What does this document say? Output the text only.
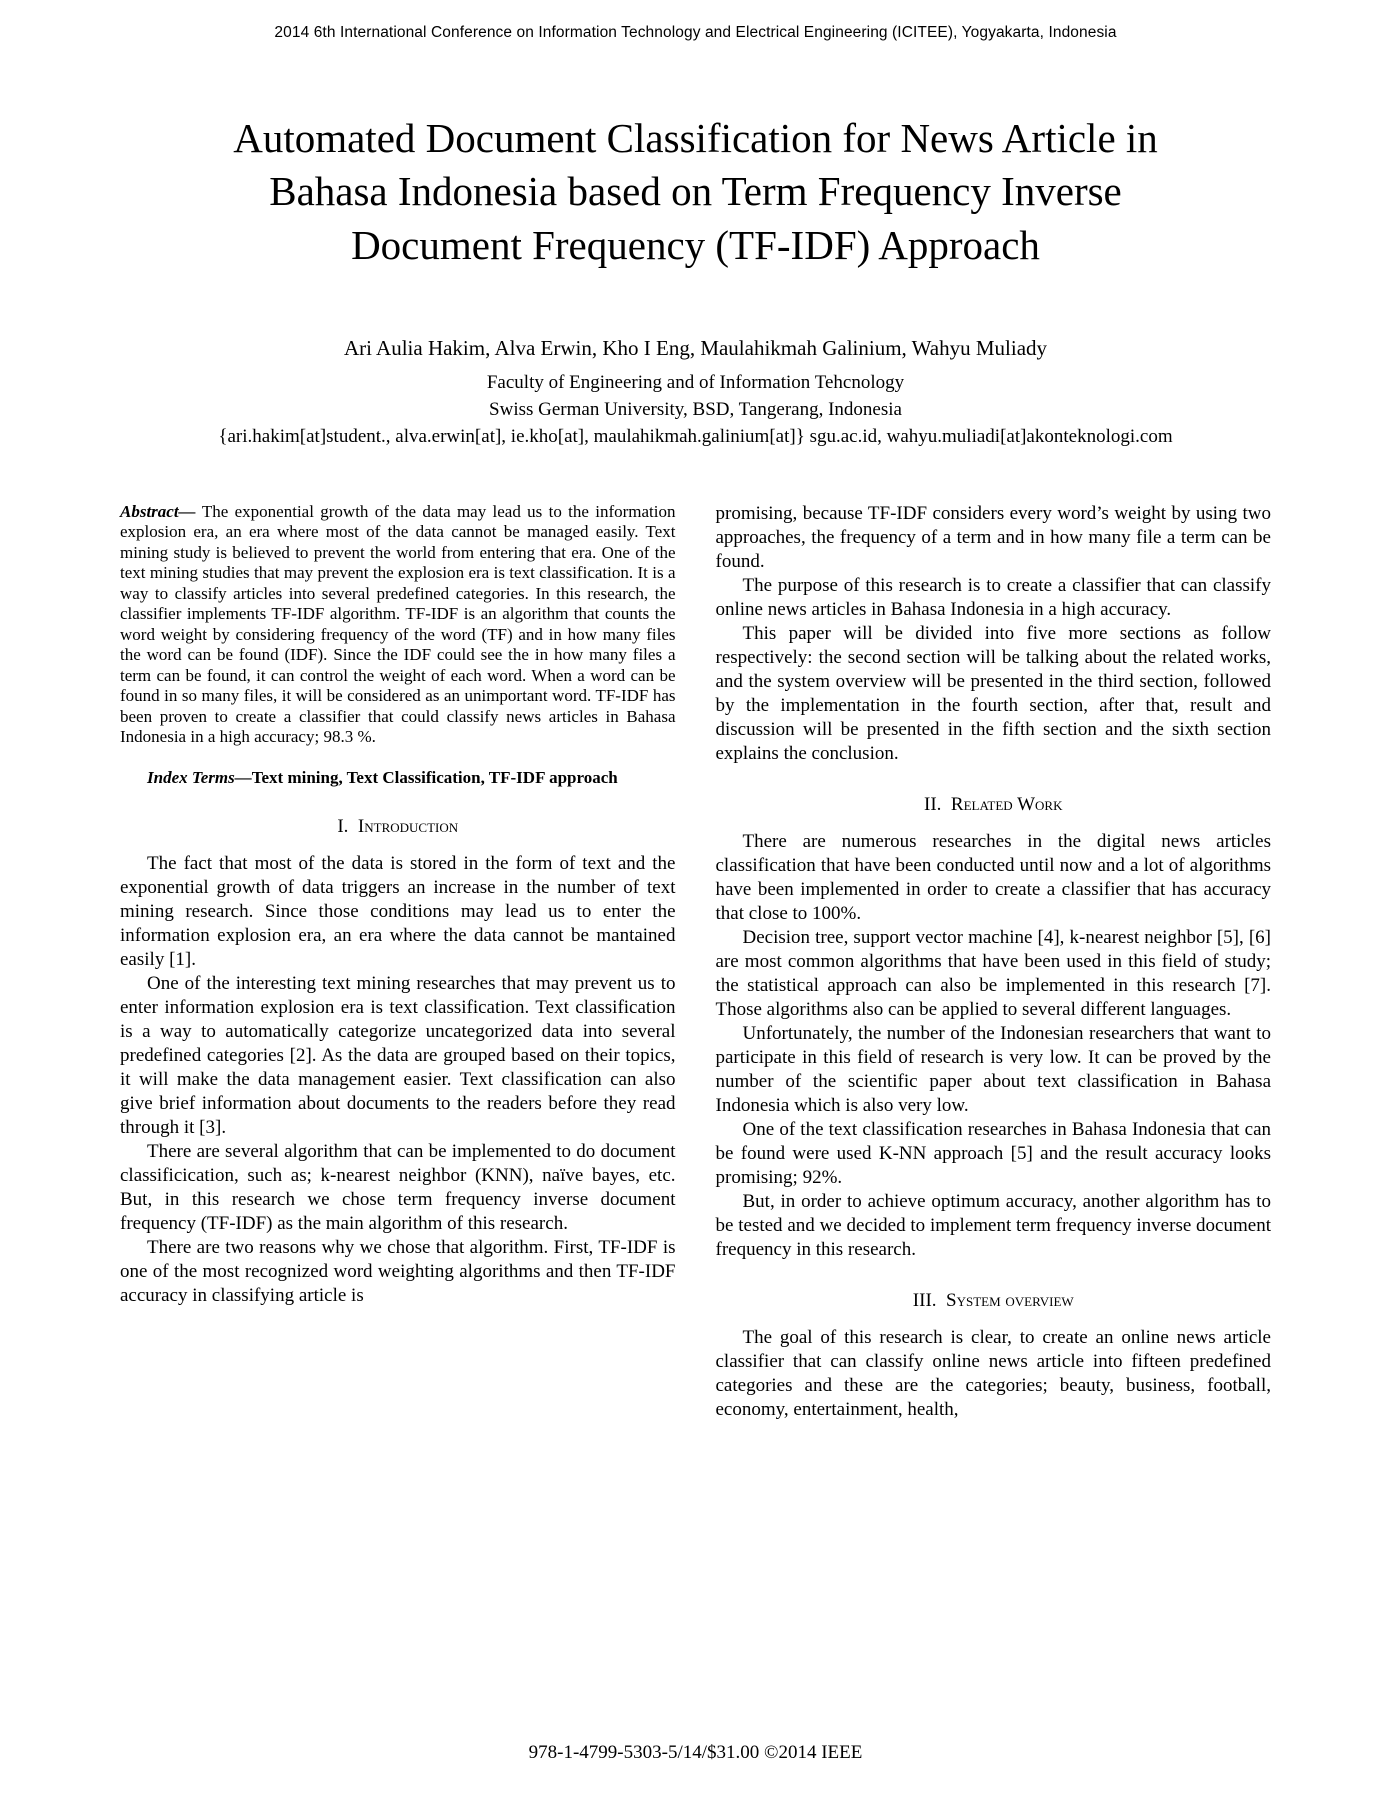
2014 6th International Conference on Information Technology and Electrical Engineering (ICITEE), Yogyakarta, Indonesia
Automated Document Classification for News Article in Bahasa Indonesia based on Term Frequency Inverse Document Frequency (TF-IDF) Approach
Ari Aulia Hakim, Alva Erwin, Kho I Eng, Maulahikmah Galinium, Wahyu Muliady
Faculty of Engineering and of Information Tehcnology
Swiss German University, BSD, Tangerang, Indonesia
{ari.hakim[at]student., alva.erwin[at], ie.kho[at], maulahikmah.galinium[at]} sgu.ac.id, wahyu.muliadi[at]akonteknologi.com

Abstract— The exponential growth of the data may lead us to the information explosion era, an era where most of the data cannot be managed easily. Text mining study is believed to prevent the world from entering that era. One of the text mining studies that may prevent the explosion era is text classification. It is a way to classify articles into several predefined categories. In this research, the classifier implements TF-IDF algorithm. TF-IDF is an algorithm that counts the word weight by considering frequency of the word (TF) and in how many files the word can be found (IDF). Since the IDF could see the in how many files a term can be found, it can control the weight of each word. When a word can be found in so many files, it will be considered as an unimportant word. TF-IDF has been proven to create a classifier that could classify news articles in Bahasa Indonesia in a high accuracy; 98.3 %.

Index Terms—Text mining, Text Classification, TF-IDF approach

I. Introduction

The fact that most of the data is stored in the form of text and the exponential growth of data triggers an increase in the number of text mining research. Since those conditions may lead us to enter the information explosion era, an era where the data cannot be mantained easily [1].

One of the interesting text mining researches that may prevent us to enter information explosion era is text classification. Text classification is a way to automatically categorize uncategorized data into several predefined categories [2]. As the data are grouped based on their topics, it will make the data management easier. Text classification can also give brief information about documents to the readers before they read through it [3].

There are several algorithm that can be implemented to do document classificication, such as; k-nearest neighbor (KNN), naïve bayes, etc. But, in this research we chose term frequency inverse document frequency (TF-IDF) as the main algorithm of this research.

There are two reasons why we chose that algorithm. First, TF-IDF is one of the most recognized word weighting algorithms and then TF-IDF accuracy in classifying article is

promising, because TF-IDF considers every word’s weight by using two approaches, the frequency of a term and in how many file a term can be found.

The purpose of this research is to create a classifier that can classify online news articles in Bahasa Indonesia in a high accuracy.

This paper will be divided into five more sections as follow respectively: the second section will be talking about the related works, and the system overview will be presented in the third section, followed by the implementation in the fourth section, after that, result and discussion will be presented in the fifth section and the sixth section explains the conclusion.

II. Related Work

There are numerous researches in the digital news articles classification that have been conducted until now and a lot of algorithms have been implemented in order to create a classifier that has accuracy that close to 100%.

Decision tree, support vector machine [4], k-nearest neighbor [5], [6] are most common algorithms that have been used in this field of study; the statistical approach can also be implemented in this research [7]. Those algorithms also can be applied to several different languages.

Unfortunately, the number of the Indonesian researchers that want to participate in this field of research is very low. It can be proved by the number of the scientific paper about text classification in Bahasa Indonesia which is also very low.

One of the text classification researches in Bahasa Indonesia that can be found were used K-NN approach [5] and the result accuracy looks promising; 92%.

But, in order to achieve optimum accuracy, another algorithm has to be tested and we decided to implement term frequency inverse document frequency in this research.

III. System overview

The goal of this research is clear, to create an online news article classifier that can classify online news article into fifteen predefined categories and these are the categories; beauty, business, football, economy, entertainment, health,

978-1-4799-5303-5/14/$31.00 ©2014 IEEE
